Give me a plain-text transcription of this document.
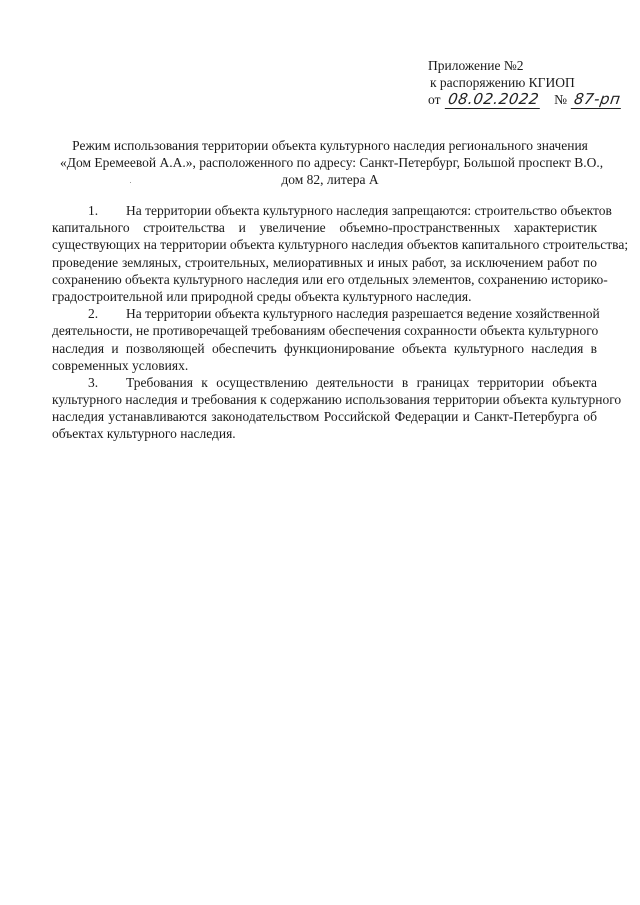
Приложение №2
к распоряжению КГИОП
от 08.02.2022 № 87-рп
Режим использования территории объекта культурного наследия регионального значения
«Дом Еремеевой А.А.», расположенного по адресу: Санкт-Петербург, Большой проспект В.О.,
дом 82, литера А
1. На территории объекта культурного наследия запрещаются: строительство объектов
капитального строительства и увеличение объемно-пространственных характеристик
существующих на территории объекта культурного наследия объектов капитального строительства;
проведение земляных, строительных, мелиоративных и иных работ, за исключением работ по
сохранению объекта культурного наследия или его отдельных элементов, сохранению историко-
градостроительной или природной среды объекта культурного наследия.
2. На территории объекта культурного наследия разрешается ведение хозяйственной
деятельности, не противоречащей требованиям обеспечения сохранности объекта культурного
наследия и позволяющей обеспечить функционирование объекта культурного наследия в
современных условиях.
3. Требования к осуществлению деятельности в границах территории объекта
культурного наследия и требования к содержанию использования территории объекта культурного
наследия устанавливаются законодательством Российской Федерации и Санкт-Петербурга об
объектах культурного наследия.
